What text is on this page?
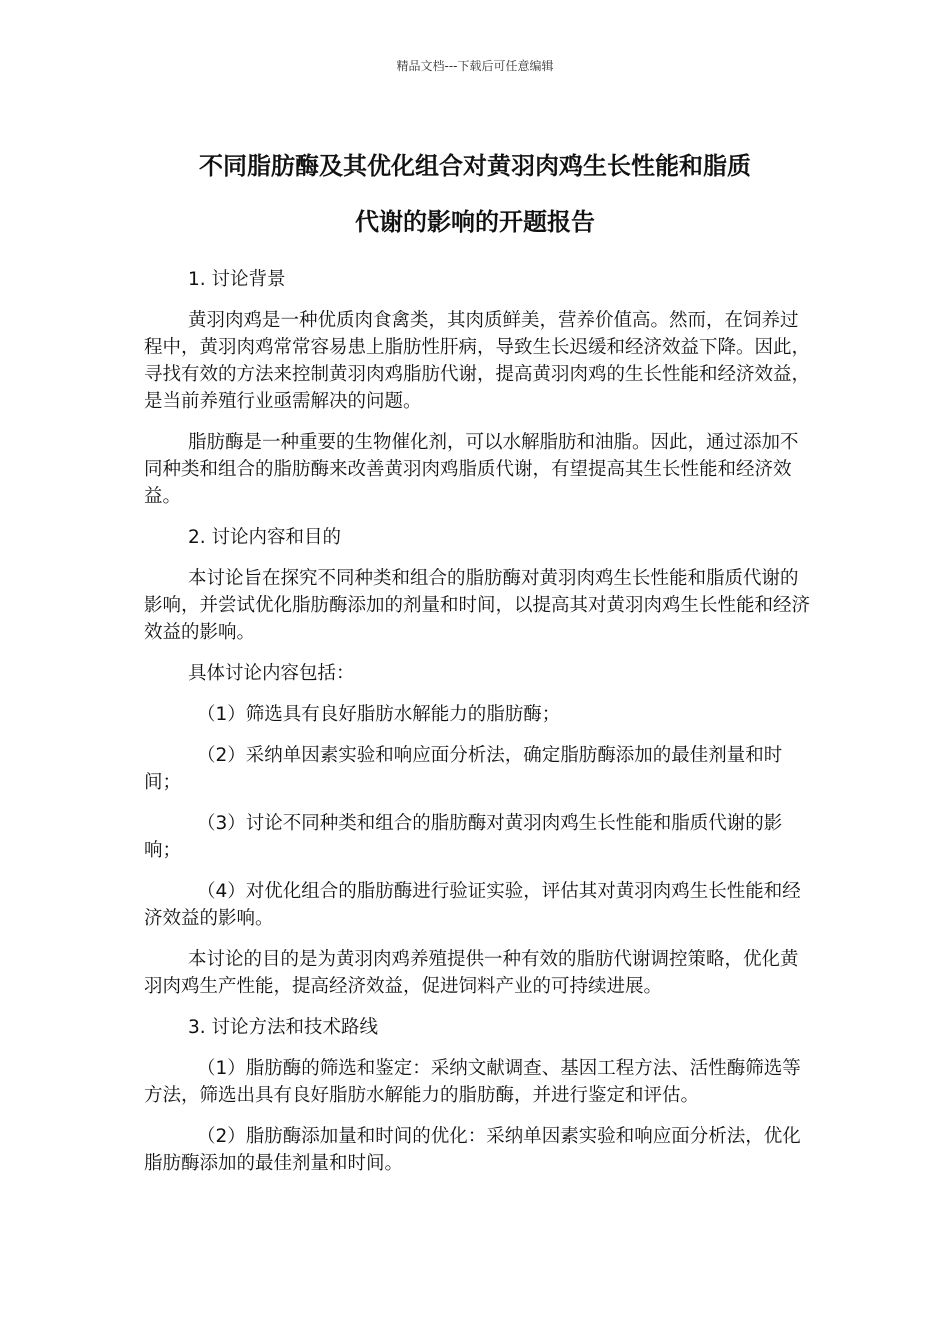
精品文档---下载后可任意编辑
不同脂肪酶及其优化组合对黄羽肉鸡生长性能和脂质
代谢的影响的开题报告

1. 讨论背景

黄羽肉鸡是一种优质肉食禽类，其肉质鲜美，营养价值高。然而，在饲养过程中，黄羽肉鸡常常容易患上脂肪性肝病，导致生长迟缓和经济效益下降。因此，寻找有效的方法来控制黄羽肉鸡脂肪代谢，提高黄羽肉鸡的生长性能和经济效益，是当前养殖行业亟需解决的问题。

脂肪酶是一种重要的生物催化剂，可以水解脂肪和油脂。因此，通过添加不同种类和组合的脂肪酶来改善黄羽肉鸡脂质代谢，有望提高其生长性能和经济效益。

2. 讨论内容和目的

本讨论旨在探究不同种类和组合的脂肪酶对黄羽肉鸡生长性能和脂质代谢的影响，并尝试优化脂肪酶添加的剂量和时间，以提高其对黄羽肉鸡生长性能和经济效益的影响。

具体讨论内容包括：

（1）筛选具有良好脂肪水解能力的脂肪酶；

（2）采纳单因素实验和响应面分析法，确定脂肪酶添加的最佳剂量和时间；

（3）讨论不同种类和组合的脂肪酶对黄羽肉鸡生长性能和脂质代谢的影响；

（4）对优化组合的脂肪酶进行验证实验，评估其对黄羽肉鸡生长性能和经济效益的影响。

本讨论的目的是为黄羽肉鸡养殖提供一种有效的脂肪代谢调控策略，优化黄羽肉鸡生产性能，提高经济效益，促进饲料产业的可持续进展。

3. 讨论方法和技术路线

（1）脂肪酶的筛选和鉴定：采纳文献调查、基因工程方法、活性酶筛选等方法，筛选出具有良好脂肪水解能力的脂肪酶，并进行鉴定和评估。

（2）脂肪酶添加量和时间的优化：采纳单因素实验和响应面分析法，优化脂肪酶添加的最佳剂量和时间。
